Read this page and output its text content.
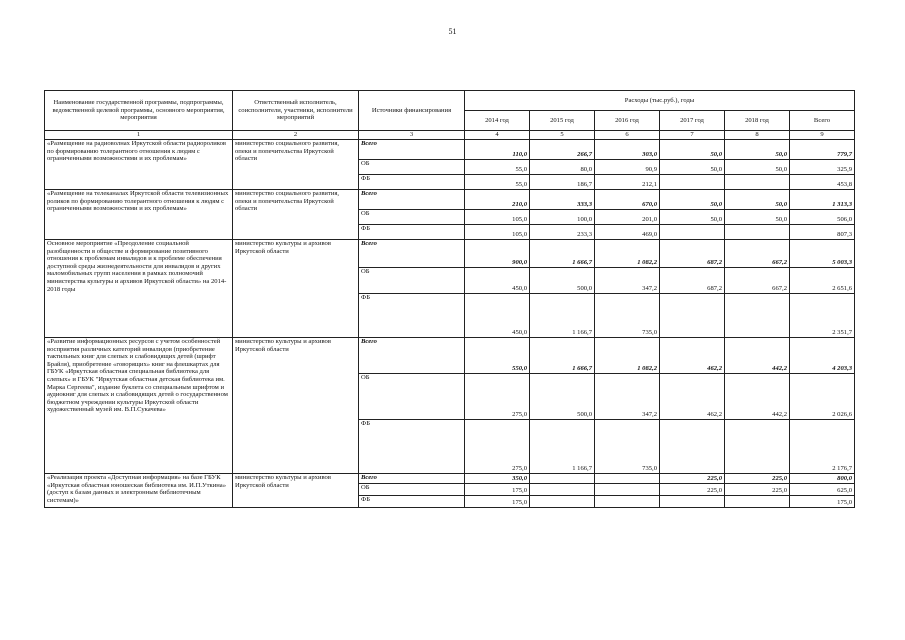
51
Наименование государственной программы, подпрограммы, ведомственной целевой программы, основного мероприятия, мероприятия	Ответственный исполнитель, соисполнители, участники, исполнители мероприятий	Источники финансирования	Расходы (тыс.руб.), годы					
			2014 год	2015 год	2016 год	2017 год	2018 год	Всего
1	2	3	4	5	6	7	8	9
«Размещение на радиоволнах Иркутской области радиороликов по формированию толерантного отношения к людям с ограниченными возможностями и их проблемам»	министерство социального развития, опеки и попечительства Иркутской области	Всего	110,0	266,7	303,0	50,0	50,0	779,7
		ОБ	55,0	80,0	90,9	50,0	50,0	325,9
		ФБ	55,0	186,7	212,1			453,8
«Размещение на телеканалах Иркутской области телевизионных роликов по формированию толерантного отношения к людям с ограниченными возможностями и их проблемам»	министерство социального развития, опеки и попечительства Иркутской области	Всего	210,0	333,3	670,0	50,0	50,0	1 313,3
		ОБ	105,0	100,0	201,0	50,0	50,0	506,0
		ФБ	105,0	233,3	469,0			807,3
Основное мероприятие «Преодоление социальной разобщенности в обществе и формирование позитивного отношения к проблемам инвалидов и к проблеме обеспечения доступной среды жизнедеятельности для инвалидов и других маломобильных групп населения в рамках полномочий министерства культуры и архивов Иркутской области» на 2014-2018 годы	министерство культуры и архивов Иркутской области	Всего	900,0	1 666,7	1 082,2	687,2	667,2	5 003,3
		ОБ	450,0	500,0	347,2	687,2	667,2	2 651,6
		ФБ	450,0	1 166,7	735,0			2 351,7
«Развитие информационных ресурсов с учетом особенностей восприятия различных категорий инвалидов (приобретение тактильных книг для слепых и слабовидящих детей (шрифт Брайля), приобретение «говорящих» книг на флешкартах для ГБУК «Иркутская областная специальная библиотека для слепых» и ГБУК "Иркутская областная детская библиотека им. Марка Сергеева", издание буклета со специальным шрифтом и аудиокниг для слепых и слабовидящих детей о государственном бюджетном учреждении культуры Иркутской области художественный музей им. В.П.Сукачева»	министерство культуры и архивов Иркутской области	Всего	550,0	1 666,7	1 082,2	462,2	442,2	4 203,3
		ОБ	275,0	500,0	347,2	462,2	442,2	2 026,6
		ФБ	275,0	1 166,7	735,0			2 176,7
«Реализация проекта «Доступная информация» на базе ГБУК «Иркутская областная юношеская библиотека им. И.П.Уткина» (доступ к базам данных и электронным библиотечным системам)»	министерство культуры и архивов Иркутской области	Всего	350,0			225,0	225,0	800,0
		ОБ	175,0			225,0	225,0	625,0
		ФБ	175,0					175,0
